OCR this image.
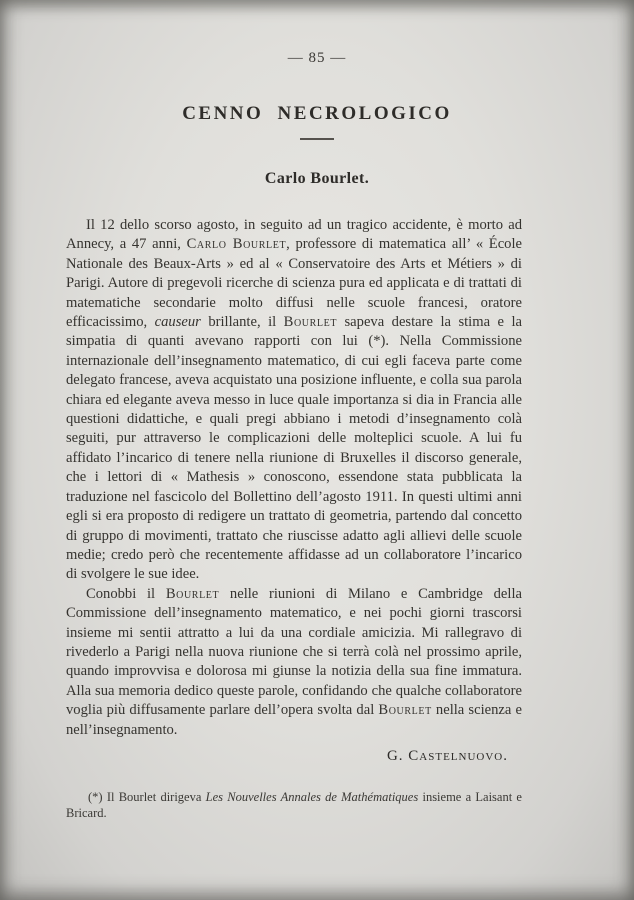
— 85 —
CENNO NECROLOGICO
Carlo Bourlet.

Il 12 dello scorso agosto, in seguito ad un tragico accidente, è morto ad Annecy, a 47 anni, Carlo Bourlet, professore di matematica all’ « École Nationale des Beaux-Arts » ed al « Conservatoire des Arts et Métiers » di Parigi. Autore di pregevoli ricerche di scienza pura ed applicata e di trattati di matematiche secondarie molto diffusi nelle scuole francesi, oratore efficacissimo, causeur brillante, il Bourlet sapeva destare la stima e la simpatia di quanti avevano rapporti con lui (*). Nella Commissione internazionale dell’insegnamento matematico, di cui egli faceva parte come delegato francese, aveva acquistato una posizione influente, e colla sua parola chiara ed elegante aveva messo in luce quale importanza si dia in Francia alle questioni didattiche, e quali pregi abbiano i metodi d’insegnamento colà seguiti, pur attraverso le complicazioni delle molteplici scuole. A lui fu affidato l’incarico di tenere nella riunione di Bruxelles il discorso generale, che i lettori di « Mathesis » conoscono, essendone stata pubblicata la traduzione nel fascicolo del Bollettino dell’agosto 1911. In questi ultimi anni egli si era proposto di redigere un trattato di geometria, partendo dal concetto di gruppo di movimenti, trattato che riuscisse adatto agli allievi delle scuole medie; credo però che recentemente affidasse ad un collaboratore l’incarico di svolgere le sue idee.

Conobbi il Bourlet nelle riunioni di Milano e Cambridge della Commissione dell’insegnamento matematico, e nei pochi giorni trascorsi insieme mi sentii attratto a lui da una cordiale amicizia. Mi rallegravo di rivederlo a Parigi nella nuova riunione che si terrà colà nel prossimo aprile, quando improvvisa e dolorosa mi giunse la notizia della sua fine immatura. Alla sua memoria dedico queste parole, confidando che qualche collaboratore voglia più diffusamente parlare dell’opera svolta dal Bourlet nella scienza e nell’insegnamento.

G. Castelnuovo.

(*) Il Bourlet dirigeva Les Nouvelles Annales de Mathématiques insieme a Laisant e Bricard.
